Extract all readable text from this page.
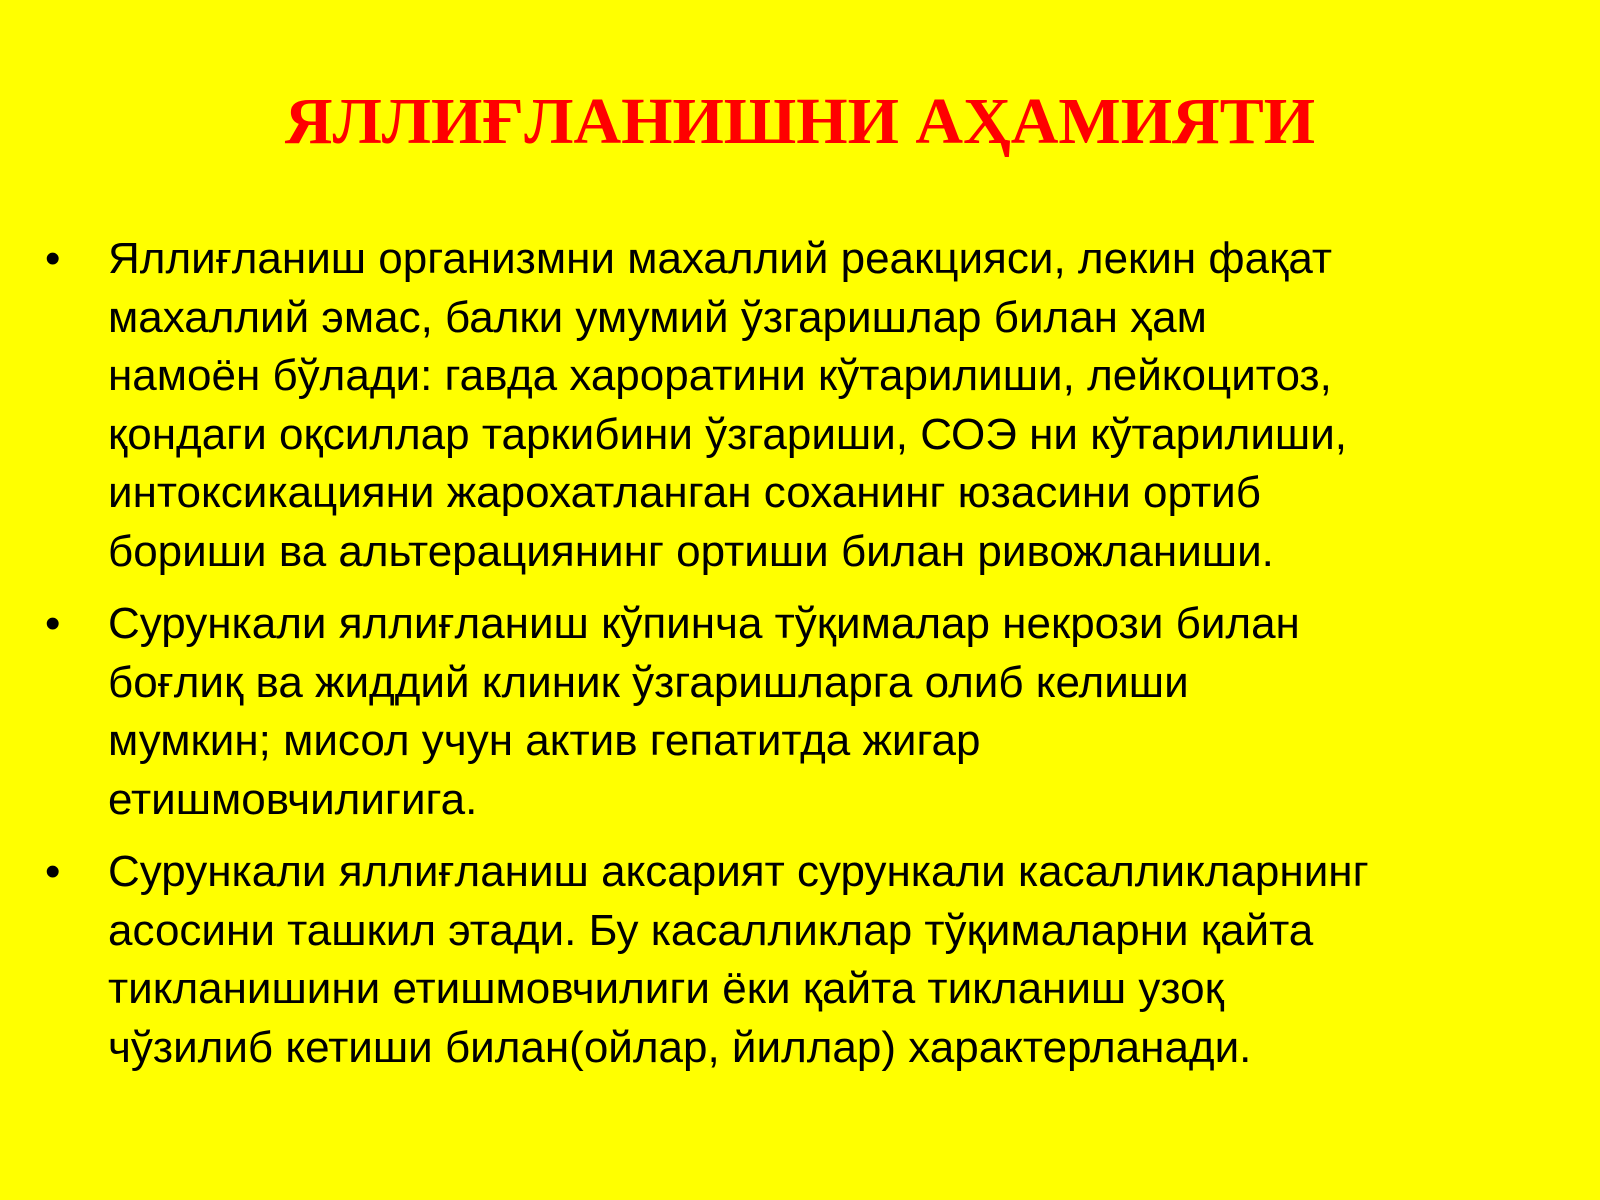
ЯЛЛИҒЛАНИШНИ АҲАМИЯТИ
• Яллиғланиш организмни махаллий реакцияси, лекин фақат
махаллий эмас, балки умумий ўзгаришлар билан ҳам
намоён бўлади: гавда хароратини кўтарилиши, лейкоцитоз,
қондаги оқсиллар таркибини ўзгариши, СОЭ ни кўтарилиши,
интоксикацияни жарохатланган соханинг юзасини ортиб
бориши ва альтерациянинг ортиши билан ривожланиши.
• Сурункали яллиғланиш кўпинча тўқималар некрози билан
боғлиқ ва жиддий клиник ўзгаришларга олиб келиши
мумкин; мисол учун актив гепатитда жигар
етишмовчилигига.
• Сурункали яллиғланиш аксарият сурункали касалликларнинг
асосини ташкил этади. Бу касалликлар тўқималарни қайта
тикланишини етишмовчилиги ёки қайта тикланиш узоқ
чўзилиб кетиши билан(ойлар, йиллар) характерланади.
